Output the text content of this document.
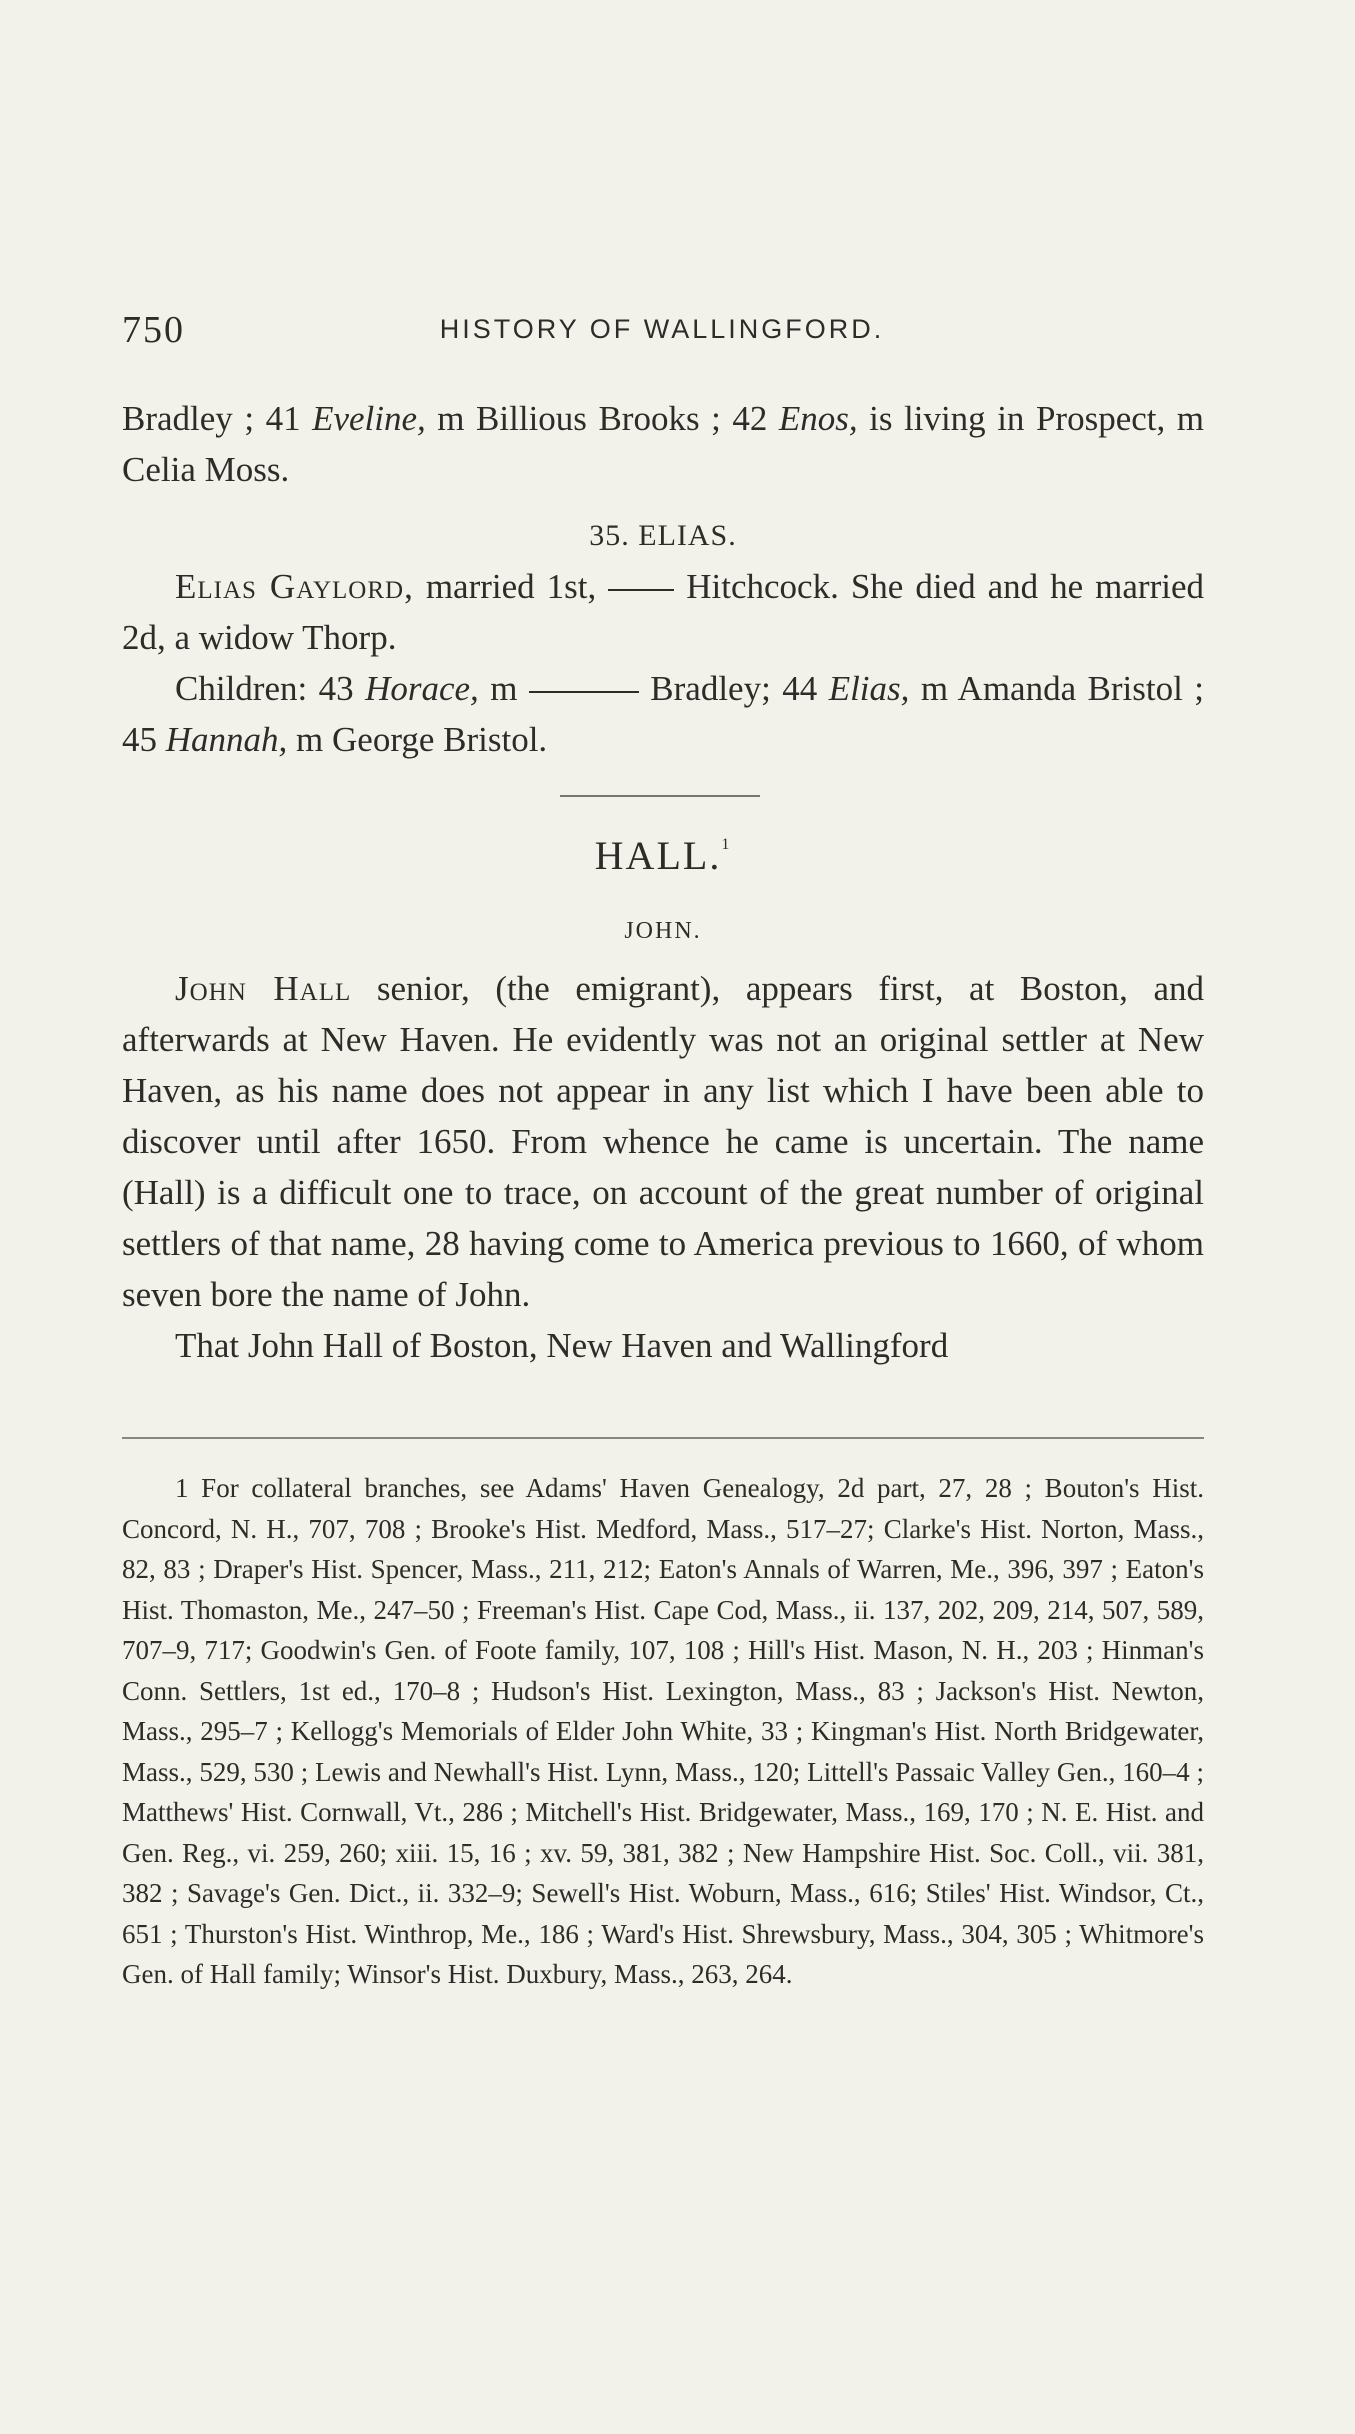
750	HISTORY OF WALLINGFORD.

Bradley ; 41 Eveline, m Billious Brooks ; 42 Enos, is living in Prospect, m Celia Moss.

35. ELIAS.

Elias Gaylord, married 1st,  Hitchcock. She died and he married 2d, a widow Thorp.

Children: 43 Horace, m	Bradley; 44 Elias, m Amanda Bristol ; 45 Hannah, m George Bristol.

HALL.$^1$
JOHN.

John Hall senior, (the emigrant), appears first, at Boston, and afterwards at New Haven. He evidently was not an original settler at New Haven, as his name does not appear in any list which I have been able to discover until after 1650. From whence he came is uncertain. The name (Hall) is a difficult one to trace, on account of the great number of original settlers of that name, 28 having come to America previous to 1660, of whom seven bore the name of John.

That John Hall of Boston, New Haven and Wallingford

1 For collateral branches, see Adams' Haven Genealogy, 2d part, 27, 28 ; Bouton's Hist. Concord, N. H., 707, 708 ; Brooke's Hist. Medford, Mass., 517–27; Clarke's Hist. Norton, Mass., 82, 83 ; Draper's Hist. Spencer, Mass., 211, 212; Eaton's Annals of Warren, Me., 396, 397 ; Eaton's Hist. Thomaston, Me., 247–50 ; Freeman's Hist. Cape Cod, Mass., ii. 137, 202, 209, 214, 507, 589, 707–9, 717; Goodwin's Gen. of Foote family, 107, 108 ; Hill's Hist. Mason, N. H., 203 ; Hinman's Conn. Settlers, 1st ed., 170–8 ; Hudson's Hist. Lexington, Mass., 83 ; Jackson's Hist. Newton, Mass., 295–7 ; Kellogg's Memorials of Elder John White, 33 ; Kingman's Hist. North Bridgewater, Mass., 529, 530 ; Lewis and Newhall's Hist. Lynn, Mass., 120; Littell's Passaic Valley Gen., 160–4 ; Matthews' Hist. Cornwall, Vt., 286 ; Mitchell's Hist. Bridgewater, Mass., 169, 170 ; N. E. Hist. and Gen. Reg., vi. 259, 260; xiii. 15, 16 ; xv. 59, 381, 382 ; New Hampshire Hist. Soc. Coll., vii. 381, 382 ; Savage's Gen. Dict., ii. 332–9; Sewell's Hist. Woburn, Mass., 616; Stiles' Hist. Windsor, Ct., 651 ; Thurston's Hist. Winthrop, Me., 186 ; Ward's Hist. Shrewsbury, Mass., 304, 305 ; Whitmore's Gen. of Hall family; Winsor's Hist. Duxbury, Mass., 263, 264.
